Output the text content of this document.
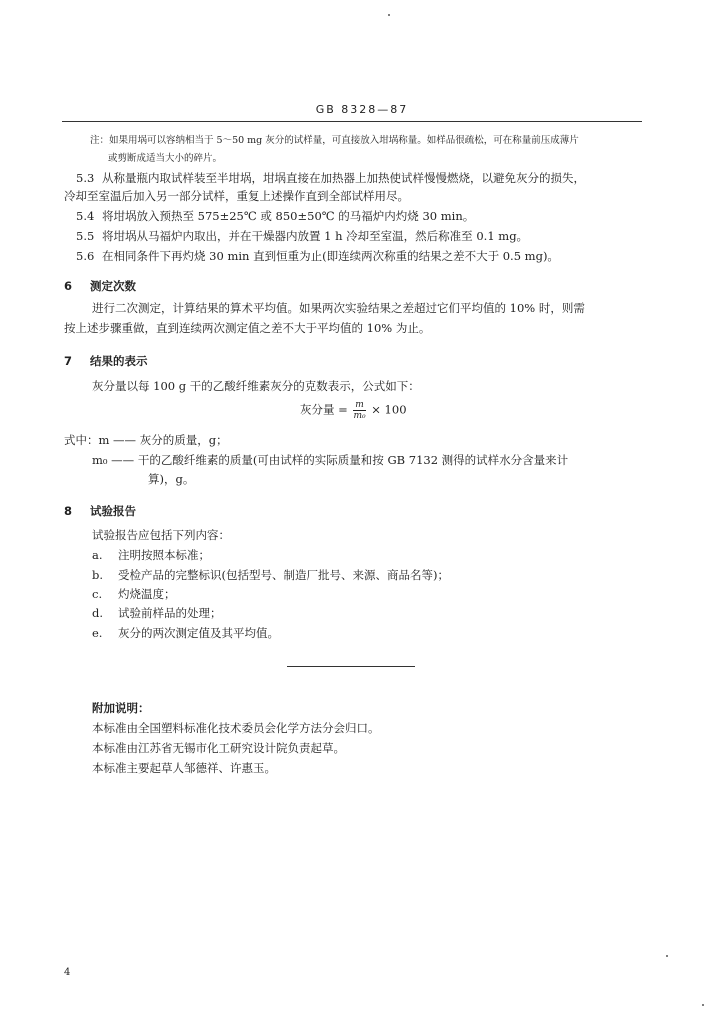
GB 8328—87
注：如果用埚可以容纳相当于 5～50 mg 灰分的试样量，可直接放入坩埚称量。如样品很疏松，可在称量前压成薄片
或剪断成适当大小的碎片。
5.3 从称量瓶内取试样装至半坩埚，坩埚直接在加热器上加热使试样慢慢燃烧，以避免灰分的损失，
冷却至室温后加入另一部分试样，重复上述操作直到全部试样用尽。
5.4 将坩埚放入预热至 575±25℃ 或 850±50℃ 的马福炉内灼烧 30 min。
5.5 将坩埚从马福炉内取出，并在干燥器内放置 1 h 冷却至室温，然后称准至 0.1 mg。
5.6 在相同条件下再灼烧 30 min 直到恒重为止(即连续两次称重的结果之差不大于 0.5 mg)。
6 测定次数
进行二次测定，计算结果的算术平均值。如果两次实验结果之差超过它们平均值的 10% 时，则需
按上述步骤重做，直到连续两次测定值之差不大于平均值的 10% 为止。
7 结果的表示
灰分量以每 100 g 干的乙酸纤维素灰分的克数表示，公式如下：
灰分量 = $\frac{m}{\text{m₀}} \times 100$
式中：m —— 灰分的质量，g；
m₀ —— 干的乙酸纤维素的质量(可由试样的实际质量和按 GB 7132 测得的试样水分含量来计
算)，g。
8 试验报告
试验报告应包括下列内容：
a. 注明按照本标准；
b. 受检产品的完整标识(包括型号、制造厂批号、来源、商品名等)；
c. 灼烧温度；
d. 试验前样品的处理；
e. 灰分的两次测定值及其平均值。
附加说明：
本标准由全国塑料标准化技术委员会化学方法分会归口。
本标准由江苏省无锡市化工研究设计院负责起草。
本标准主要起草人邹德祥、许惠玉。
4
